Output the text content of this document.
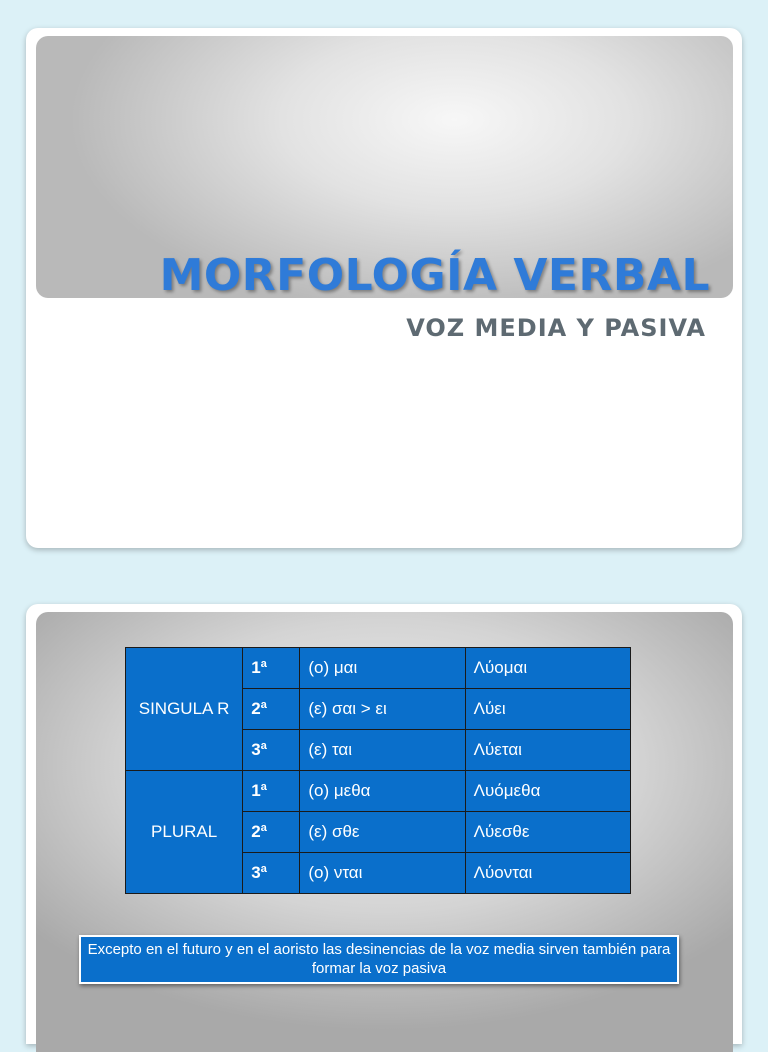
MORFOLOGÍA VERBAL
VOZ MEDIA Y PASIVA
SINGULA R	1ª	(ο) μαι	Λύομαι
	2ª	(ε) σαι > ει	Λύει
	3ª	(ε) ται	Λύεται
PLURAL	1ª	(ο) μεθα	Λυόμεθα
	2ª	(ε) σθε	Λύεσθε
	3ª	(ο) νται	Λύονται
Excepto en el futuro y en el aoristo las desinencias de la voz media sirven también para formar la voz pasiva
